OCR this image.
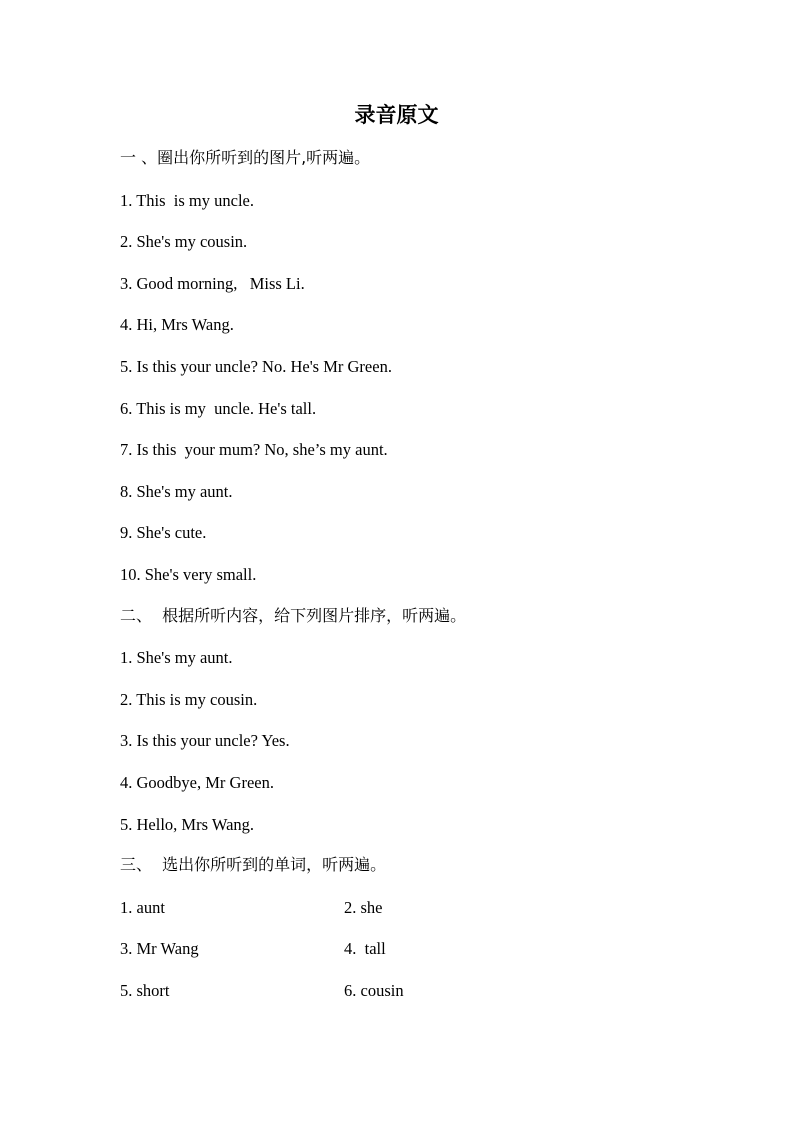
录音原文

一 、圈出你所听到的图片,听两遍。

1. This  is my uncle.

2. She's my cousin.

3. Good morning,   Miss Li.

4. Hi, Mrs Wang.

5. Is this your uncle? No. He's Mr Green.

6. This is my  uncle. He's tall.

7. Is this  your mum? No, she’s my aunt.

8. She's my aunt.

9. She's cute.

10. She's very small.

二、  根据所听内容，给下列图片排序，听两遍。

1. She's my aunt.

2. This is my cousin.

3. Is this your uncle? Yes.

4. Goodbye, Mr Green.

5. Hello, Mrs Wang.

三、  选出你所听到的单词，听两遍。

1. aunt	2. she

3. Mr Wang	4.  tall

5. short	6. cousin
